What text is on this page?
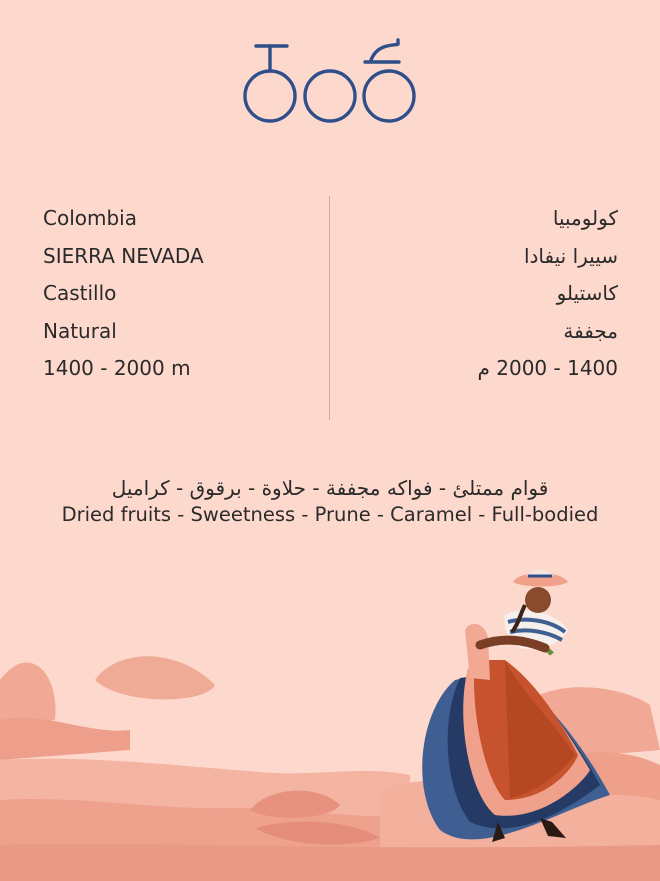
Colombia
SIERRA NEVADA
Castillo
Natural
1400 - 2000 m
كولومبيا
سييرا نيفادا
كاستيلو
مجففة
1400 - 2000 م
قوام ممتلئ - فواكه مجففة - حلاوة - برقوق - كراميل
Dried fruits - Sweetness - Prune - Caramel - Full-bodied
